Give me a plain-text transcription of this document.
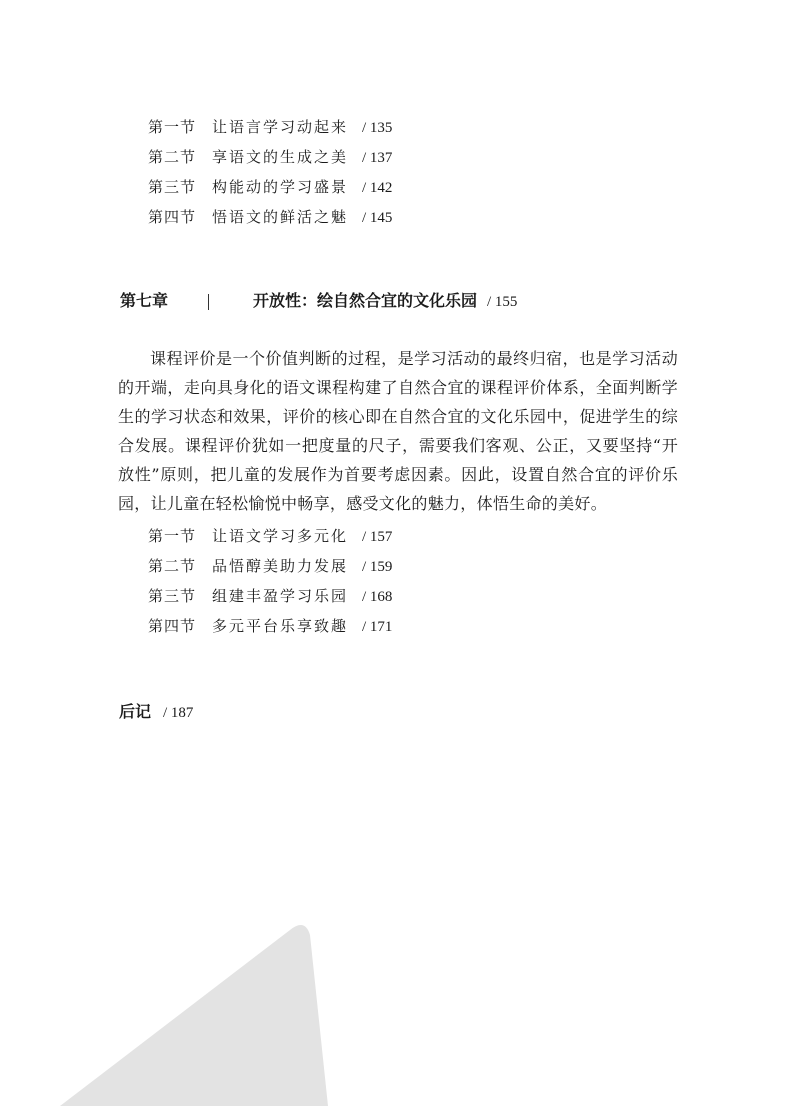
第一节 让语言学习动起来 / 135
第二节 享语文的生成之美 / 137
第三节 构能动的学习盛景 / 142
第四节 悟语文的鲜活之魅 / 145
第七章	开放性：绘自然合宜的文化乐园 / 155

课程评价是一个价值判断的过程，是学习活动的最终归宿，也是学习活动的开端，走向具身化的语文课程构建了自然合宜的课程评价体系，全面判断学生的学习状态和效果，评价的核心即在自然合宜的文化乐园中，促进学生的综合发展。课程评价犹如一把度量的尺子，需要我们客观、公正，又要坚持“开放性”原则，把儿童的发展作为首要考虑因素。因此，设置自然合宜的评价乐园，让儿童在轻松愉悦中畅享，感受文化的魅力，体悟生命的美好。

第一节 让语文学习多元化 / 157
第二节 品悟醇美助力发展 / 159
第三节 组建丰盈学习乐园 / 168
第四节 多元平台乐享致趣 / 171
后记 / 187
